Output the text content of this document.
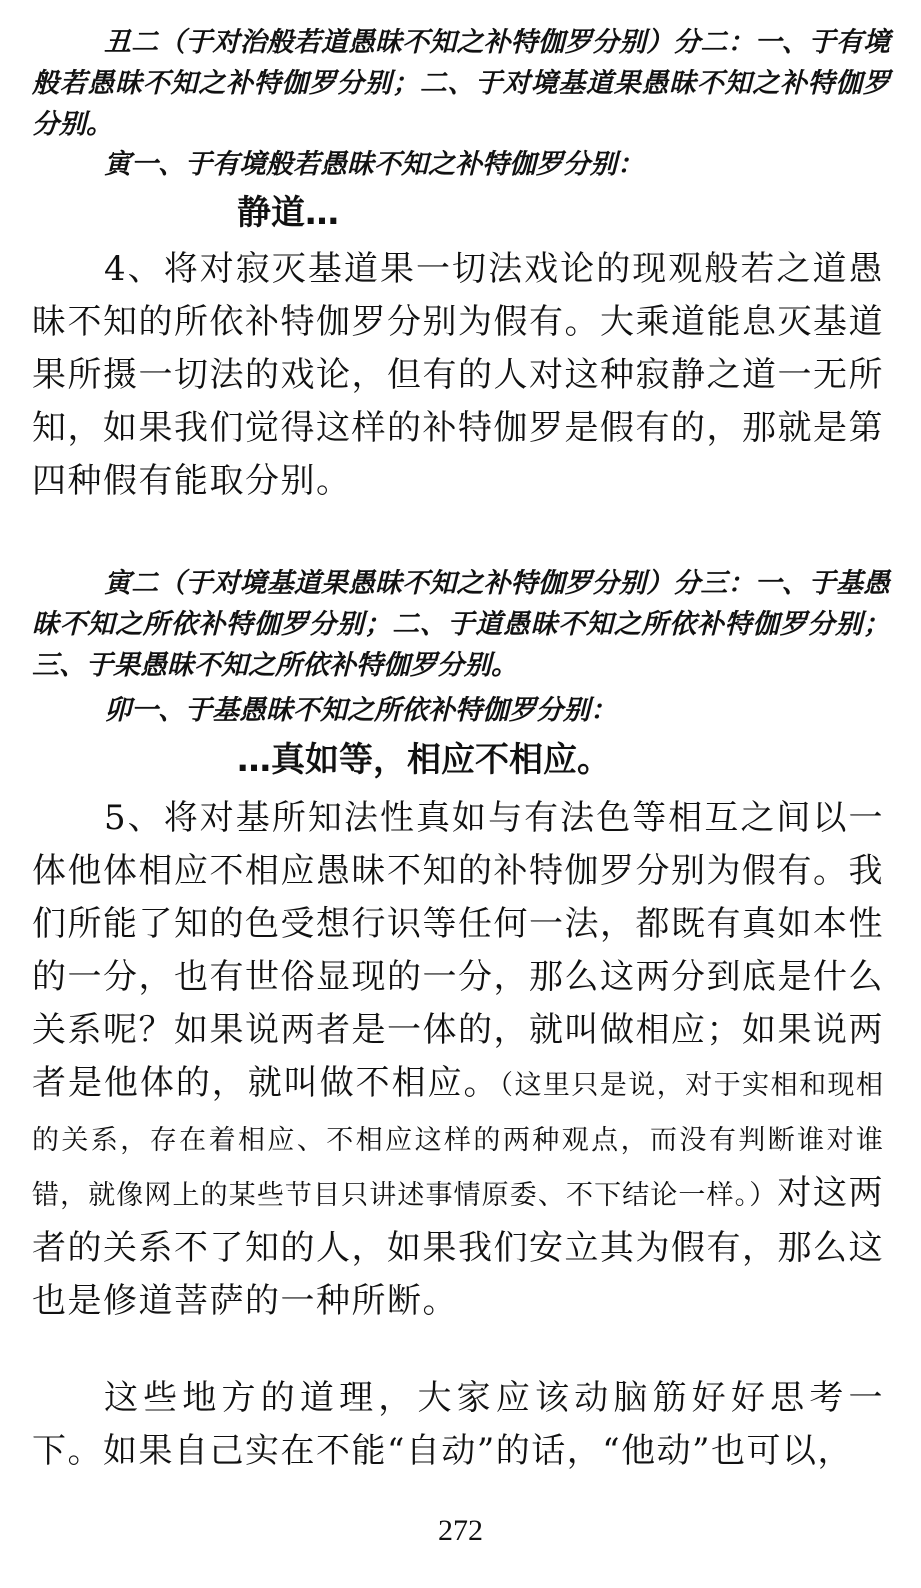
丑二（于对治般若道愚昧不知之补特伽罗分别）分二：一、于有境般若愚昧不知之补特伽罗分别；二、于对境基道果愚昧不知之补特伽罗分别。

寅一、于有境般若愚昧不知之补特伽罗分别：

静道…

4、将对寂灭基道果一切法戏论的现观般若之道愚昧不知的所依补特伽罗分别为假有。大乘道能息灭基道果所摄一切法的戏论，但有的人对这种寂静之道一无所知，如果我们觉得这样的补特伽罗是假有的，那就是第四种假有能取分别。

寅二（于对境基道果愚昧不知之补特伽罗分别）分三：一、于基愚昧不知之所依补特伽罗分别；二、于道愚昧不知之所依补特伽罗分别；三、于果愚昧不知之所依补特伽罗分别。

卯一、于基愚昧不知之所依补特伽罗分别：

…真如等，相应不相应。

5、将对基所知法性真如与有法色等相互之间以一体他体相应不相应愚昧不知的补特伽罗分别为假有。我们所能了知的色受想行识等任何一法，都既有真如本性的一分，也有世俗显现的一分，那么这两分到底是什么关系呢？如果说两者是一体的，就叫做相应；如果说两者是他体的，就叫做不相应。（这里只是说，对于实相和现相的关系，存在着相应、不相应这样的两种观点，而没有判断谁对谁错，就像网上的某些节目只讲述事情原委、不下结论一样。）对这两者的关系不了知的人，如果我们安立其为假有，那么这也是修道菩萨的一种所断。

这些地方的道理，大家应该动脑筋好好思考一下。如果自己实在不能“自动”的话，“他动”也可以，

272
